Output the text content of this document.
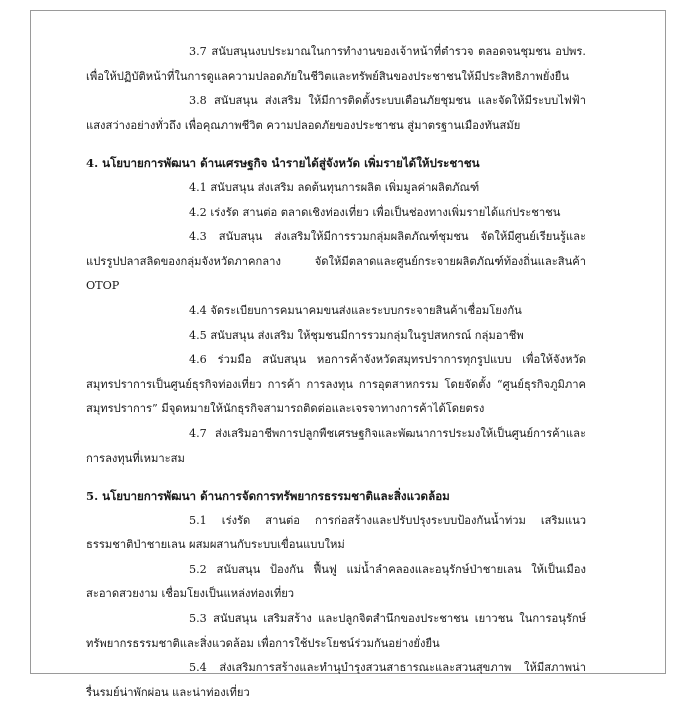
3.7 สนับสนุนงบประมาณในการทำงานของเจ้าหน้าที่ตำรวจ ตลอดจนชุมชน อปพร. เพื่อให้ปฏิบัติหน้าที่ในการดูแลความปลอดภัยในชีวิตและทรัพย์สินของประชาชนให้มีประสิทธิภาพยั่งยืน

3.8 สนับสนุน ส่งเสริม ให้มีการติดตั้งระบบเตือนภัยชุมชน และจัดให้มีระบบไฟฟ้าแสงสว่างอย่างทั่วถึง เพื่อคุณภาพชีวิต ความปลอดภัยของประชาชน สู่มาตรฐานเมืองทันสมัย

4. นโยบายการพัฒนา ด้านเศรษฐกิจ นำรายได้สู่จังหวัด เพิ่มรายได้ให้ประชาชน

4.1 สนับสนุน ส่งเสริม ลดต้นทุนการผลิต เพิ่มมูลค่าผลิตภัณฑ์

4.2 เร่งรัด สานต่อ ตลาดเชิงท่องเที่ยว เพื่อเป็นช่องทางเพิ่มรายได้แก่ประชาชน

4.3 สนับสนุน ส่งเสริมให้มีการรวมกลุ่มผลิตภัณฑ์ชุมชน จัดให้มีศูนย์เรียนรู้และแปรรูปปลาสลิดของกลุ่มจังหวัดภาคกลาง จัดให้มีตลาดและศูนย์กระจายผลิตภัณฑ์ท้องถิ่นและสินค้า OTOP

4.4 จัดระเบียบการคมนาคมขนส่งและระบบกระจายสินค้าเชื่อมโยงกัน

4.5 สนับสนุน ส่งเสริม ให้ชุมชนมีการรวมกลุ่มในรูปสหกรณ์ กลุ่มอาชีพ

4.6 ร่วมมือ สนับสนุน หอการค้าจังหวัดสมุทรปราการทุกรูปแบบ เพื่อให้จังหวัดสมุทรปราการเป็นศูนย์ธุรกิจท่องเที่ยว การค้า การลงทุน การอุตสาหกรรม โดยจัดตั้ง “ศูนย์ธุรกิจภูมิภาคสมุทรปราการ” มีจุดหมายให้นักธุรกิจสามารถติดต่อและเจรจาทางการค้าได้โดยตรง

4.7 ส่งเสริมอาชีพการปลูกพืชเศรษฐกิจและพัฒนาการประมงให้เป็นศูนย์การค้าและการลงทุนที่เหมาะสม

5. นโยบายการพัฒนา ด้านการจัดการทรัพยากรธรรมชาติและสิ่งแวดล้อม

5.1 เร่งรัด สานต่อ การก่อสร้างและปรับปรุงระบบป้องกันน้ำท่วม เสริมแนวธรรมชาติป่าชายเลน ผสมผสานกับระบบเขื่อนแบบใหม่

5.2 สนับสนุน ป้องกัน ฟื้นฟู แม่น้ำลำคลองและอนุรักษ์ป่าชายเลน ให้เป็นเมืองสะอาดสวยงาม เชื่อมโยงเป็นแหล่งท่องเที่ยว

5.3 สนับสนุน เสริมสร้าง และปลูกจิตสำนึกของประชาชน เยาวชน ในการอนุรักษ์ทรัพยากรธรรมชาติและสิ่งแวดล้อม เพื่อการใช้ประโยชน์ร่วมกันอย่างยั่งยืน

5.4 ส่งเสริมการสร้างและทำนุบำรุงสวนสาธารณะและสวนสุขภาพ ให้มีสภาพน่ารื่นรมย์น่าพักผ่อน และน่าท่องเที่ยว
